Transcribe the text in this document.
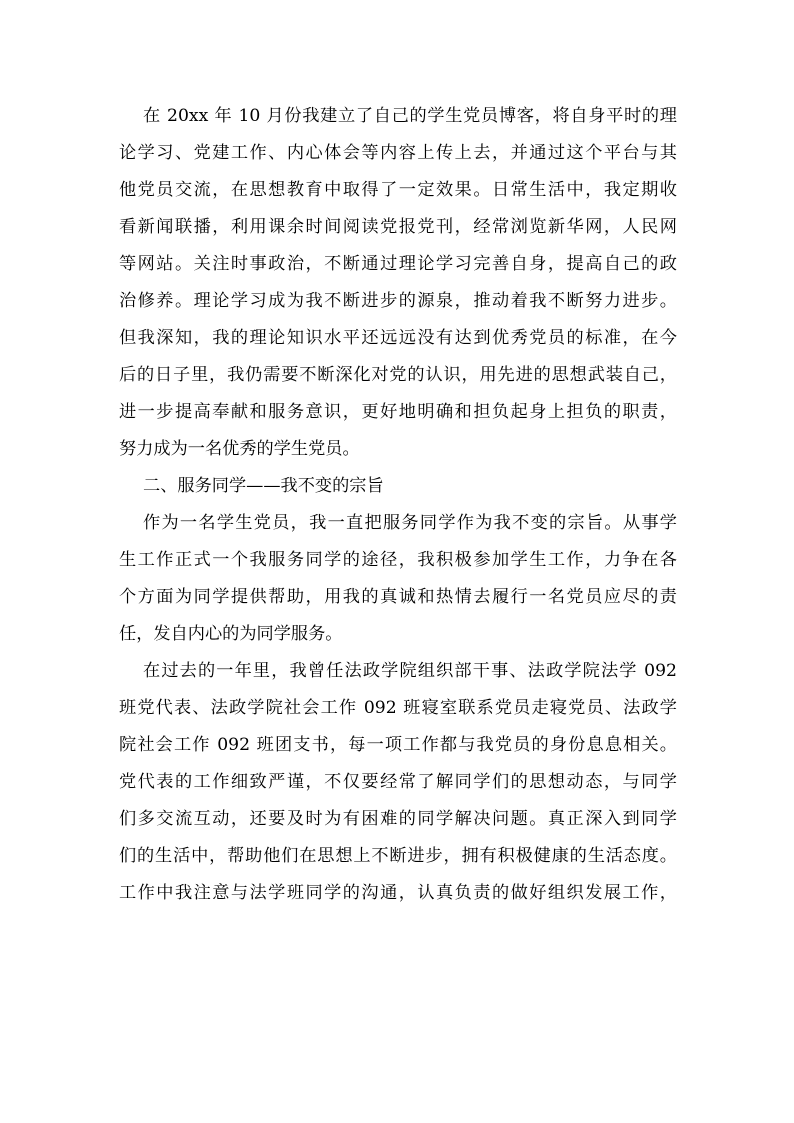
在 20xx 年 10 月份我建立了自己的学生党员博客，将自身平时的理
论学习、党建工作、内心体会等内容上传上去，并通过这个平台与其
他党员交流，在思想教育中取得了一定效果。日常生活中，我定期收
看新闻联播，利用课余时间阅读党报党刊，经常浏览新华网，人民网
等网站。关注时事政治，不断通过理论学习完善自身，提高自己的政
治修养。理论学习成为我不断进步的源泉，推动着我不断努力进步。
但我深知，我的理论知识水平还远远没有达到优秀党员的标准，在今
后的日子里，我仍需要不断深化对党的认识，用先进的思想武装自己，
进一步提高奉献和服务意识，更好地明确和担负起身上担负的职责，
努力成为一名优秀的学生党员。
二、服务同学——我不变的宗旨
作为一名学生党员，我一直把服务同学作为我不变的宗旨。从事学
生工作正式一个我服务同学的途径，我积极参加学生工作，力争在各
个方面为同学提供帮助，用我的真诚和热情去履行一名党员应尽的责
任，发自内心的为同学服务。
在过去的一年里，我曾任法政学院组织部干事、法政学院法学 092
班党代表、法政学院社会工作 092 班寝室联系党员走寝党员、法政学
院社会工作 092 班团支书，每一项工作都与我党员的身份息息相关。
党代表的工作细致严谨，不仅要经常了解同学们的思想动态，与同学
们多交流互动，还要及时为有困难的同学解决问题。真正深入到同学
们的生活中，帮助他们在思想上不断进步，拥有积极健康的生活态度。
工作中我注意与法学班同学的沟通，认真负责的做好组织发展工作，
